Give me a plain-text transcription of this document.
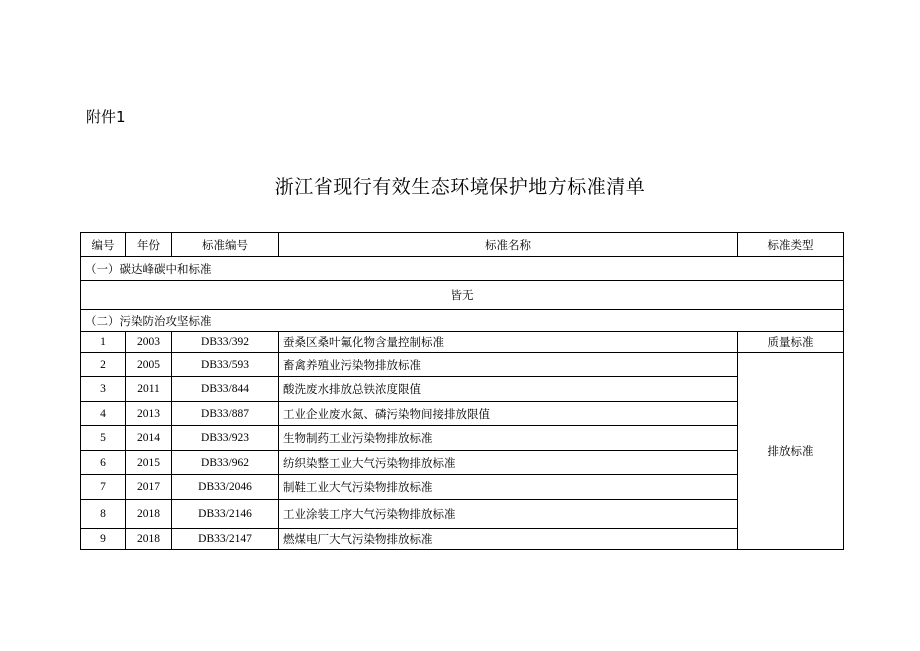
附件1
浙江省现行有效生态环境保护地方标准清单
编号	年份	标准编号	标准名称	标准类型
（一）碳达峰碳中和标准				
皆无				
（二）污染防治攻坚标准				
1	2003	DB33/392	蚕桑区桑叶氟化物含量控制标准	质量标准
2	2005	DB33/593	畜禽养殖业污染物排放标准	排放标准
3	2011	DB33/844	酸洗废水排放总铁浓度限值	
4	2013	DB33/887	工业企业废水氮、磷污染物间接排放限值	
5	2014	DB33/923	生物制药工业污染物排放标准	
6	2015	DB33/962	纺织染整工业大气污染物排放标准	
7	2017	DB33/2046	制鞋工业大气污染物排放标准	
8	2018	DB33/2146	工业涂装工序大气污染物排放标准	
9	2018	DB33/2147	燃煤电厂大气污染物排放标准	
